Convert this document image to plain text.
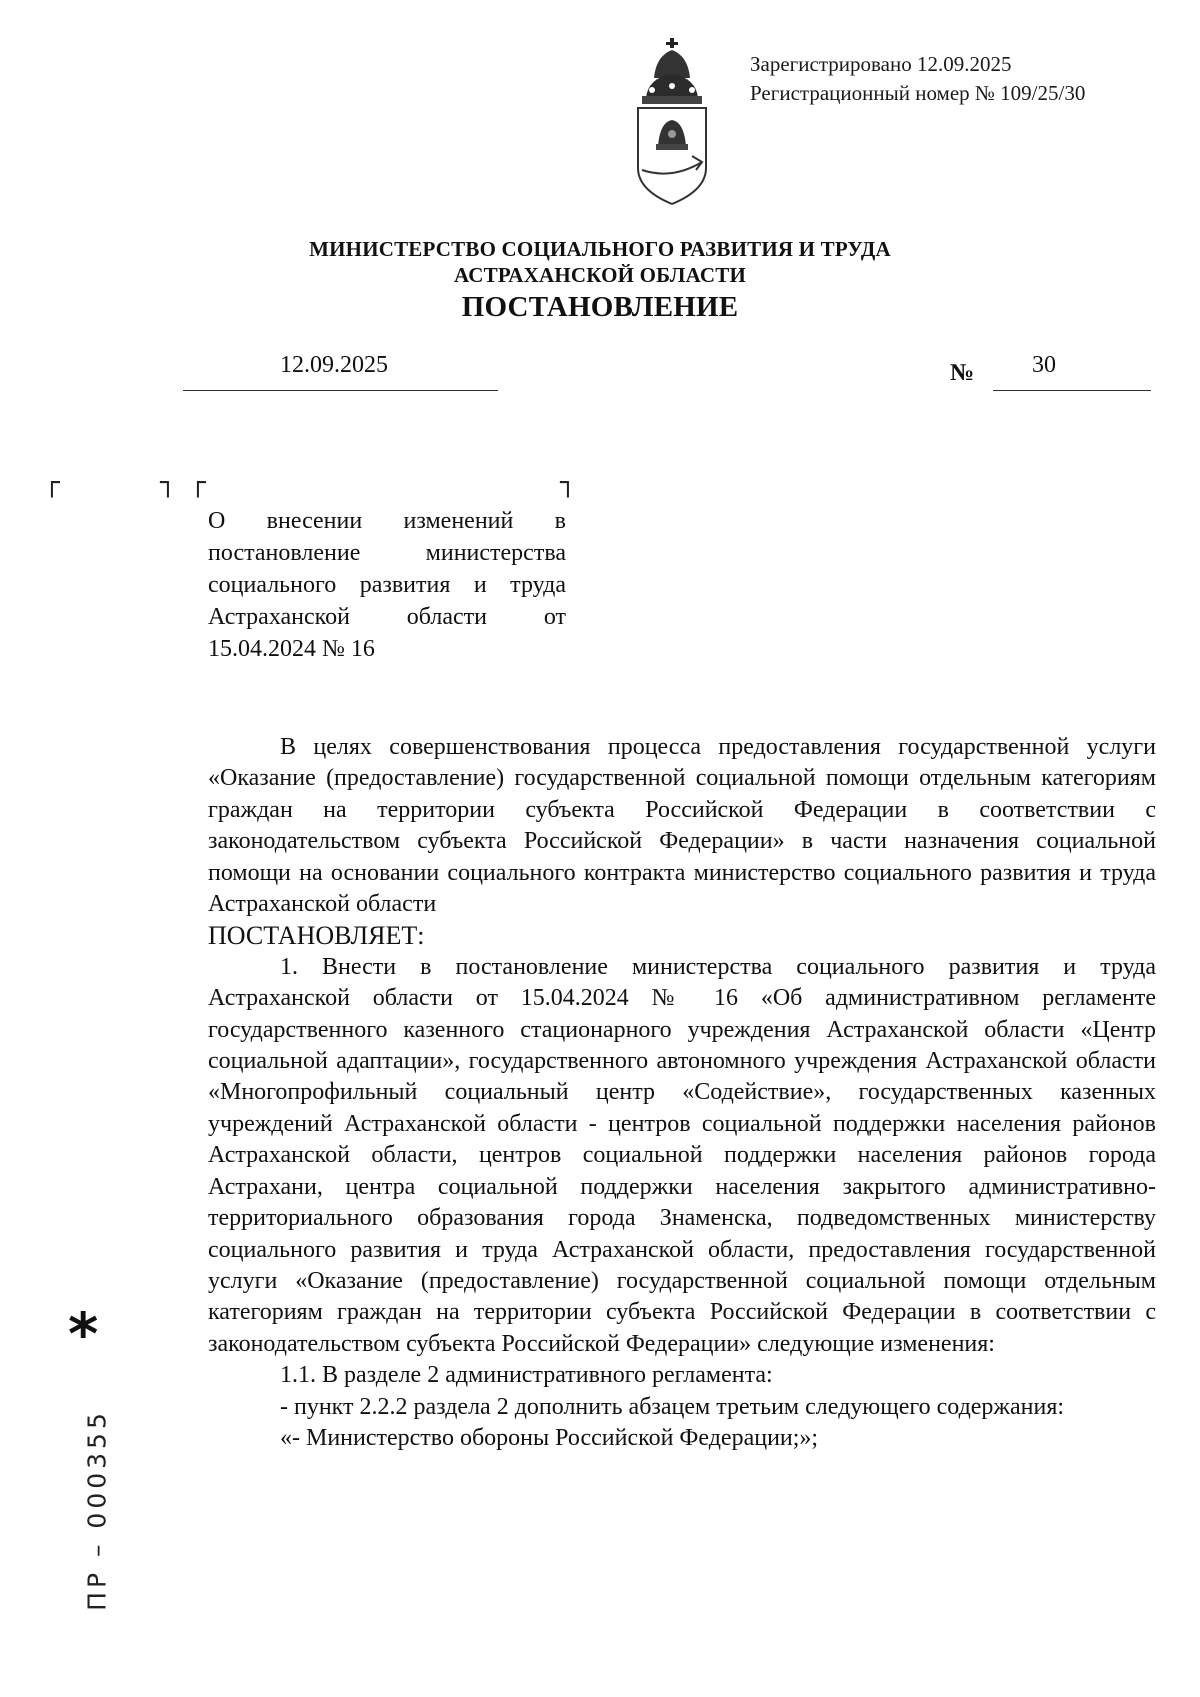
Зарегистрировано 12.09.2025
Регистрационный номер № 109/25/30
МИНИСТЕРСТВО СОЦИАЛЬНОГО РАЗВИТИЯ И ТРУДА
АСТРАХАНСКОЙ ОБЛАСТИ
ПОСТАНОВЛЕНИЕ
12.09.2025	№ 30
┌	┐ ┌	┐
О внесении изменений в постановление министерства социального развития и труда Астраханской области от 15.04.2024 № 16

В целях совершенствования процесса предоставления государственной услуги «Оказание (предоставление) государственной социальной помощи отдельным категориям граждан на территории субъекта Российской Федерации в соответствии с законодательством субъекта Российской Федерации» в части назначения социальной помощи на основании социального контракта министерство социального развития и труда Астраханской области

ПОСТАНОВЛЯЕТ:

1. Внести в постановление министерства социального развития и труда Астраханской области от 15.04.2024 № 16 «Об административном регламенте государственного казенного стационарного учреждения Астраханской области «Центр социальной адаптации», государственного автономного учреждения Астраханской области «Многопрофильный социальный центр «Содействие», государственных казенных учреждений Астраханской области - центров социальной поддержки населения районов Астраханской области, центров социальной поддержки населения районов города Астрахани, центра социальной поддержки населения закрытого административно-территориального образования города Знаменска, подведомственных министерству социального развития и труда Астраханской области, предоставления государственной услуги «Оказание (предоставление) государственной социальной помощи отдельным категориям граждан на территории субъекта Российской Федерации в соответствии с законодательством субъекта Российской Федерации» следующие изменения:

1.1. В разделе 2 административного регламента:

- пункт 2.2.2 раздела 2 дополнить абзацем третьим следующего содержания:

«- Министерство обороны Российской Федерации;»;

*
ПР – 000355
